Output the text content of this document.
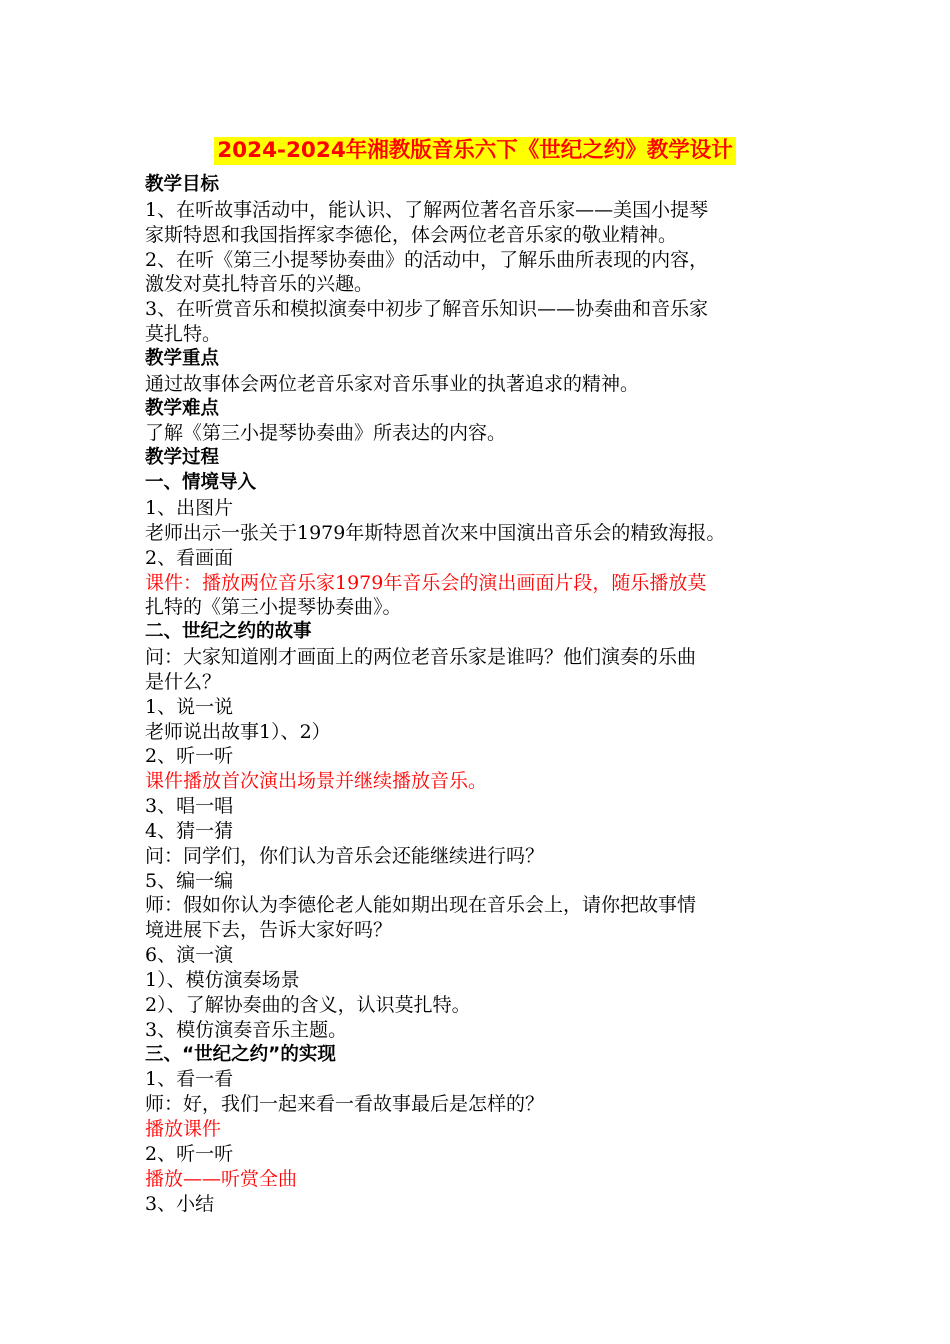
2024-2024年湘教版音乐六下《世纪之约》教学设计
教学目标
1、在听故事活动中，能认识、了解两位著名音乐家——美国小提琴
家斯特恩和我国指挥家李德伦，体会两位老音乐家的敬业精神。
2、在听《第三小提琴协奏曲》的活动中，了解乐曲所表现的内容，
激发对莫扎特音乐的兴趣。
3、在听赏音乐和模拟演奏中初步了解音乐知识——协奏曲和音乐家
莫扎特。
教学重点
通过故事体会两位老音乐家对音乐事业的执著追求的精神。
教学难点
了解《第三小提琴协奏曲》所表达的内容。
教学过程
一、情境导入
1、出图片
老师出示一张关于1979年斯特恩首次来中国演出音乐会的精致海报。
2、看画面
课件：播放两位音乐家1979年音乐会的演出画面片段，随乐播放莫
扎特的《第三小提琴协奏曲》。
二、世纪之约的故事
问：大家知道刚才画面上的两位老音乐家是谁吗？他们演奏的乐曲
是什么？
1、说一说
老师说出故事1）、2）
2、听一听
课件播放首次演出场景并继续播放音乐。
3、唱一唱
4、猜一猜
问：同学们，你们认为音乐会还能继续进行吗？
5、编一编
师：假如你认为李德伦老人能如期出现在音乐会上，请你把故事情
境进展下去，告诉大家好吗？
6、演一演
1）、模仿演奏场景
2）、了解协奏曲的含义，认识莫扎特。
3、模仿演奏音乐主题。
三、“世纪之约”的实现
1、看一看
师：好，我们一起来看一看故事最后是怎样的？
播放课件
2、听一听
播放——听赏全曲
3、小结
